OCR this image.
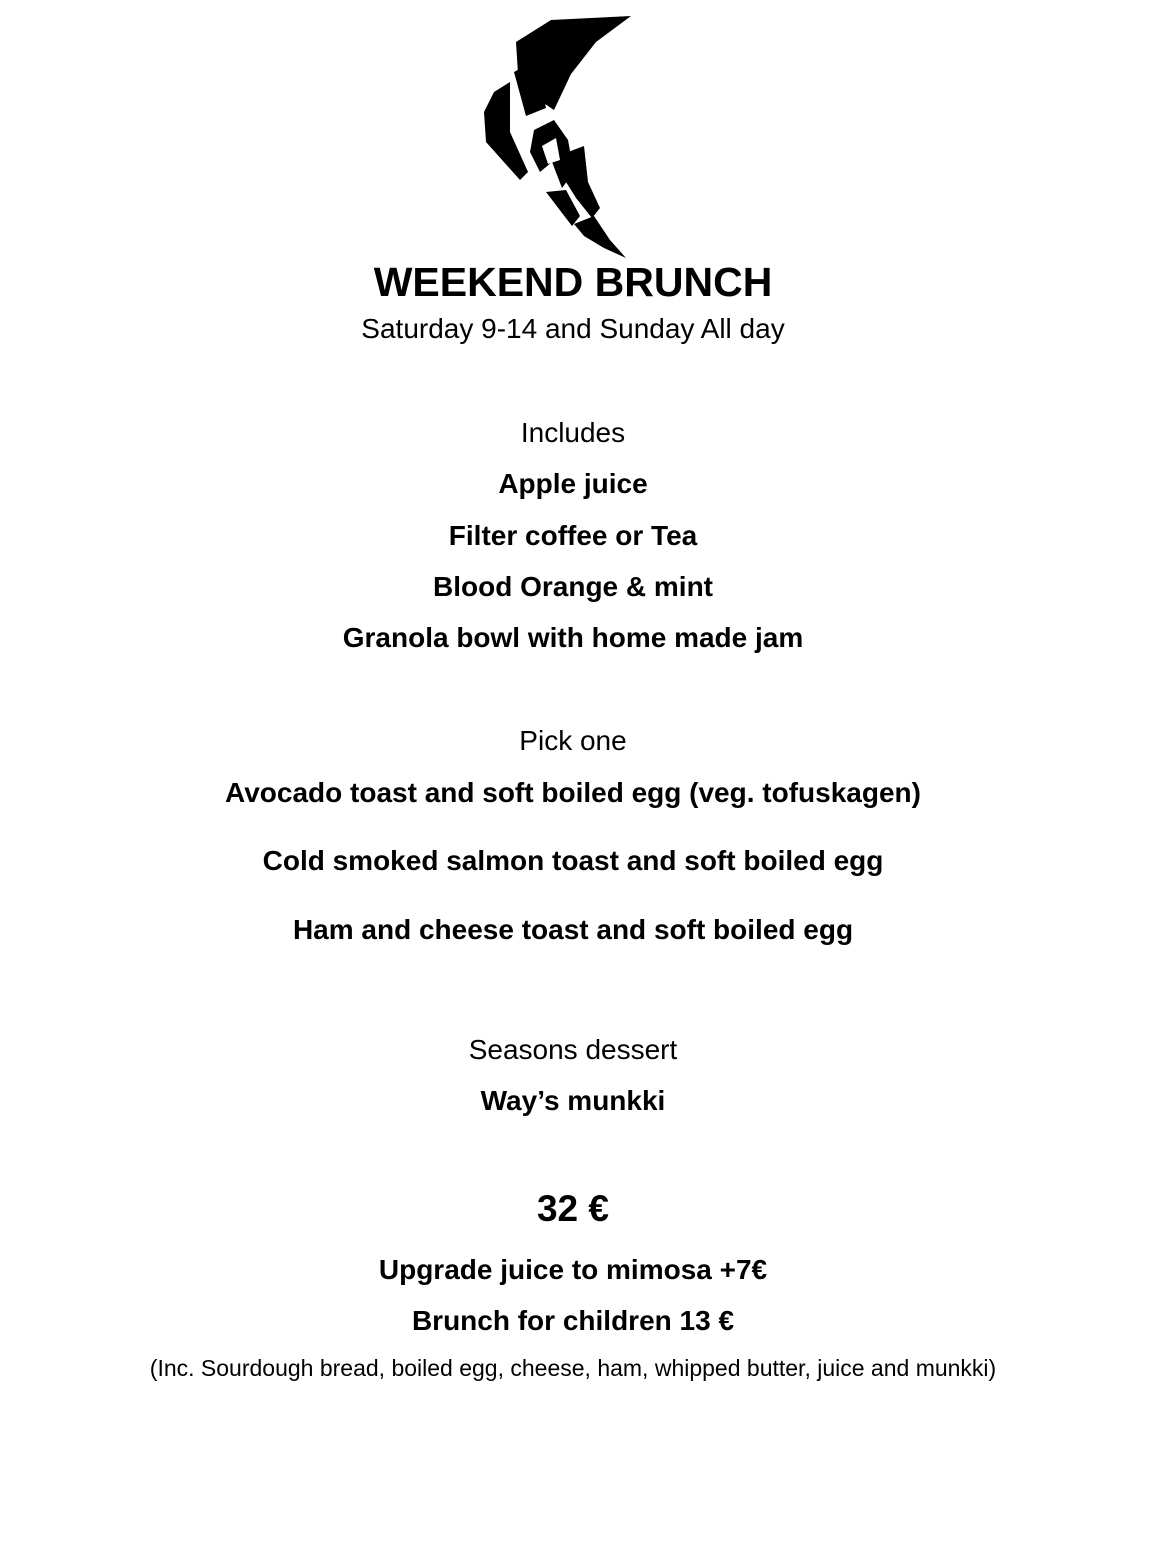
WEEKEND BRUNCH
Saturday 9-14 and Sunday All day
Includes
Apple juice
Filter coffee or Tea
Blood Orange & mint
Granola bowl with home made jam
Pick one
Avocado toast and soft boiled egg (veg. tofuskagen)
Cold smoked salmon toast and soft boiled egg
Ham and cheese toast and soft boiled egg
Seasons dessert
Way’s munkki
32 €
Upgrade juice to mimosa +7€
Brunch for children 13 €
(Inc. Sourdough bread, boiled egg, cheese, ham, whipped butter, juice and munkki)
